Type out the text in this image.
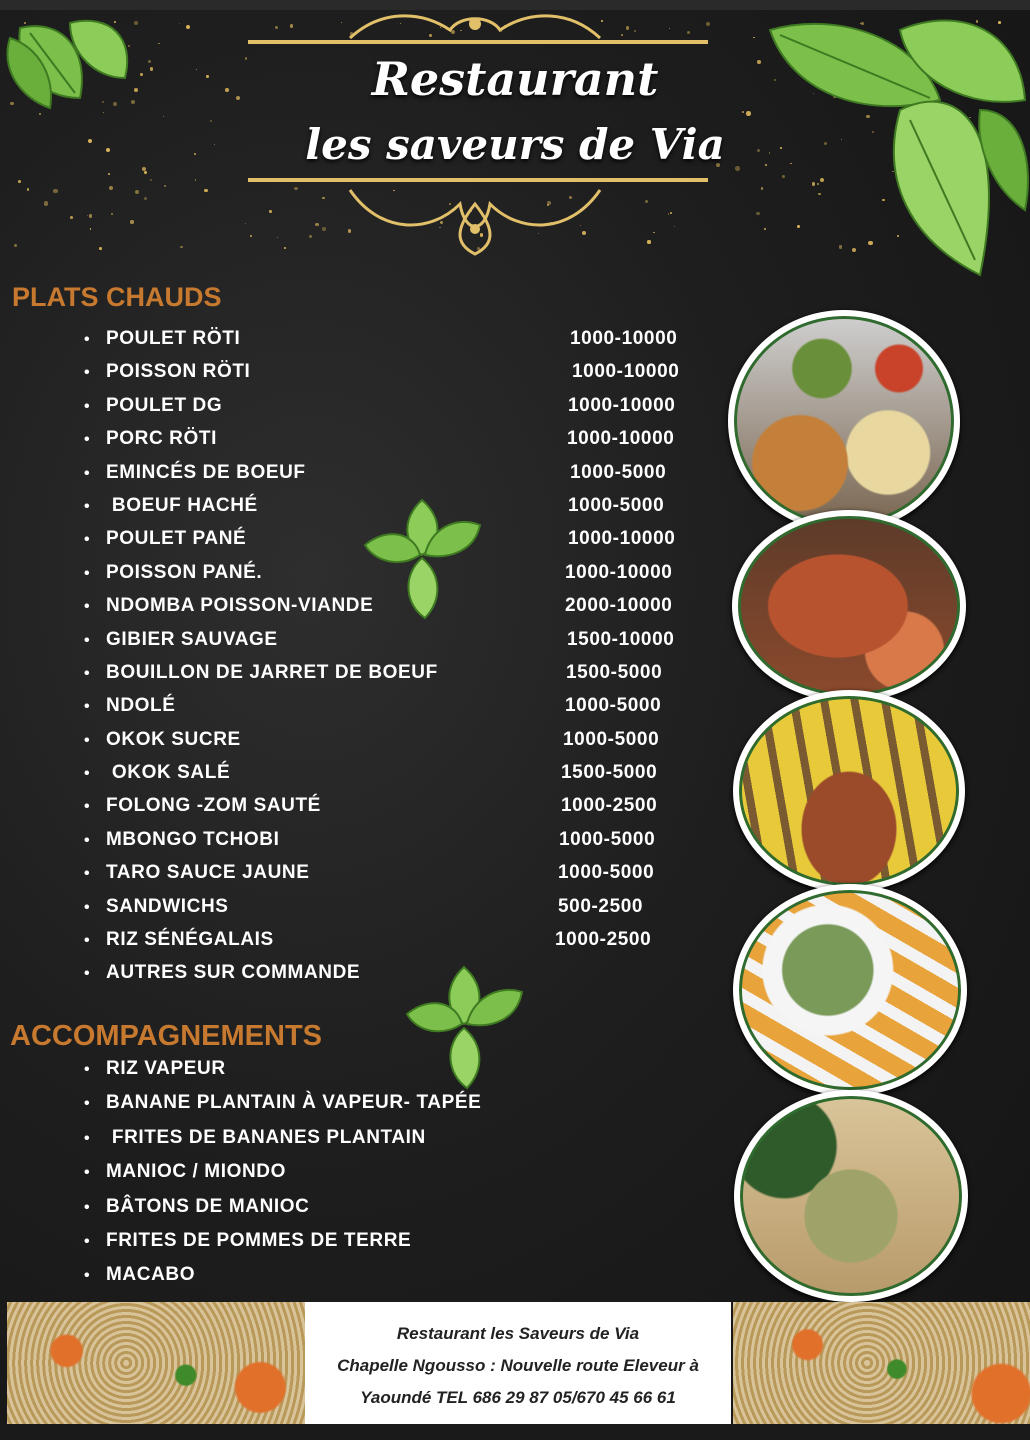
Restaurant
les saveurs de Via
PLATS CHAUDS
• POULET RÖTI	1000-10000
• POISSON RÖTI	1000-10000
• POULET DG	1000-10000
• PORC RÖTI	1000-10000
• EMINCÉS DE BOEUF	1000-5000
• BOEUF HACHÉ	1000-5000
• POULET PANÉ	1000-10000
• POISSON PANÉ.	1000-10000
• NDOMBA POISSON-VIANDE	2000-10000
• GIBIER SAUVAGE	1500-10000
• BOUILLON DE JARRET DE BOEUF	1500-5000
• NDOLÉ	1000-5000
• OKOK SUCRE	1000-5000
• OKOK SALÉ	1500-5000
• FOLONG -ZOM SAUTÉ	1000-2500
• MBONGO TCHOBI	1000-5000
• TARO SAUCE JAUNE	1000-5000
• SANDWICHS	500-2500
• RIZ SÉNÉGALAIS	1000-2500
• AUTRES SUR COMMANDE
ACCOMPAGNEMENTS
• RIZ VAPEUR
• BANANE PLANTAIN À VAPEUR- TAPÉE
• FRITES DE BANANES PLANTAIN
• MANIOC / MIONDO
• BÂTONS DE MANIOC
• FRITES DE POMMES DE TERRE
• MACABO
Restaurant les Saveurs de Via
Chapelle Ngousso : Nouvelle route Eleveur à
Yaoundé TEL 686 29 87 05/670 45 66 61
